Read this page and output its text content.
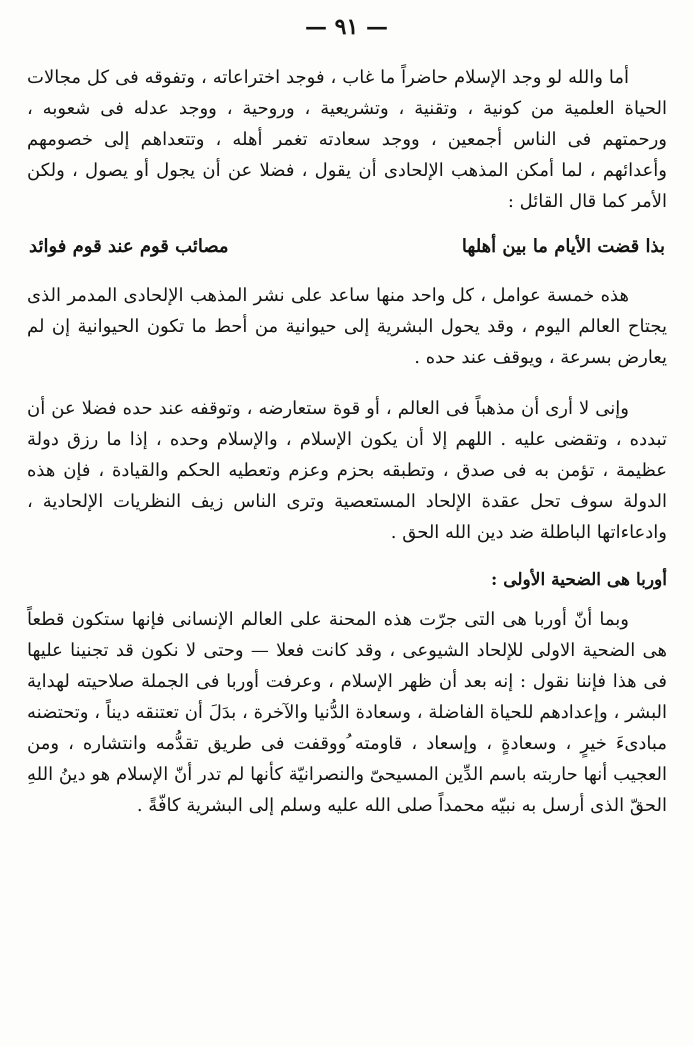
— ٩١ —

أما والله لو وجد الإسلام حاضراً ما غاب ، فوجد اختراعاته ، وتفوقه فى كل مجالات الحياة العلمية من كونية ، وتقنية ، وتشريعية ، وروحية ، ووجد عدله فى شعوبه ، ورحمتهم فى الناس أجمعين ، ووجد سعادته تغمر أهله ، وتتعداهم إلى خصومهم وأعدائهم ، لما أمكن المذهب الإلحادى أن يقول ، فضلا عن أن يجول أو يصول ، ولكن الأمر كما قال القائل :

بذا قضت الأيام ما بين أهلها
مصائب قوم عند قوم فوائد

هذه خمسة عوامل ، كل واحد منها ساعد على نشر المذهب الإلحادى المدمر الذى يجتاح العالم اليوم ، وقد يحول البشرية إلى حيوانية من أحط ما تكون الحيوانية إن لم يعارض بسرعة ، ويوقف عند حده .

وإنى لا أرى أن مذهباً فى العالم ، أو قوة ستعارضه ، وتوقفه عند حده فضلا عن أن تبدده ، وتقضى عليه . اللهم إلا أن يكون الإسلام ، والإسلام وحده ، إذا ما رزق دولة عظيمة ، تؤمن به فى صدق ، وتطبقه بحزم وعزم وتعطيه الحكم والقيادة ، فإن هذه الدولة سوف تحل عقدة الإلحاد المستعصية وترى الناس زيف النظريات الإلحادية ، وادعاءاتها الباطلة ضد دين الله الحق .

أوربا هى الضحية الأولى :

وبما أنّ أوربا هى التى جرّت هذه المحنة على العالم الإنسانى فإنها ستكون قطعاً هى الضحية الاولى للإلحاد الشيوعى ، وقد كانت فعلا — وحتى لا نكون قد تجنينا عليها فى هذا فإننا نقول : إنه بعد أن ظهر الإسلام ، وعرفت أوربا فى الجملة صلاحيته لهداية البشر ، وإعدادهم للحياة الفاضلة ، وسعادة الدُّنيا والآخرة ، بدَلَ أن تعتنقه ديناً ، وتحتضنه مبادىءَ خيرٍ ، وسعادةٍ ، وإسعاد ، قاومته ُووقفت فى طريق تقدُّمه وانتشاره ، ومن العجيب أنها حاربته باسم الدِّين المسيحىّ والنصرانيّة كأنها لم تدر أنّ الإسلام هو دينُ اللهِ الحقّ الذى أرسل به نبيّه محمداً صلى الله عليه وسلم إلى البشرية كافّةً .
